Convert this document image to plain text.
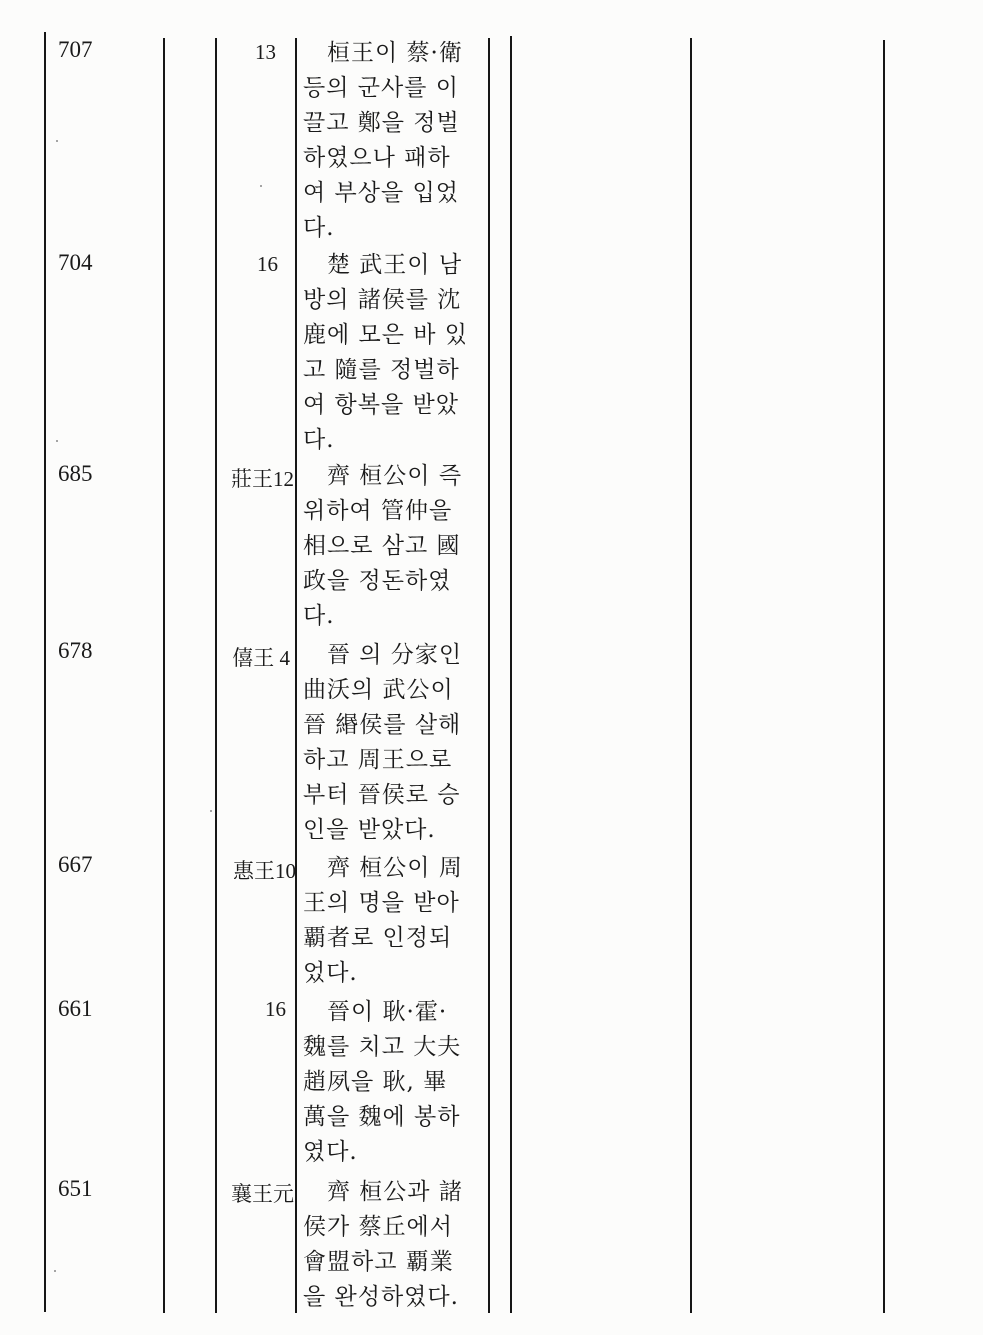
707	13 　桓王이 蔡·衛
등의 군사를 이
끌고 鄭을 정벌
하였으나 패하
여 부상을 입었
다.
704	16 　楚 武王이 남
방의 諸侯를 沈
鹿에 모은 바 있
고 隨를 정벌하
여 항복을 받았
다.
685	莊王12 　齊 桓公이 즉
위하여 管仲을
相으로 삼고 國
政을 정돈하였
다.
678	僖王 4 　晉 의 分家인
曲沃의 武公이
晉 緡侯를 살해
하고 周王으로
부터 晉侯로 승
인을 받았다.
667	惠王10 　齊 桓公이 周
王의 명을 받아
覇者로 인정되
었다.
661	16 　晉이 耿·霍·
魏를 치고 大夫
趙夙을 耿, 畢
萬을 魏에 봉하
였다.
651	襄王元 　齊 桓公과 諸
侯가 蔡丘에서
會盟하고 覇業
을 완성하였다.
